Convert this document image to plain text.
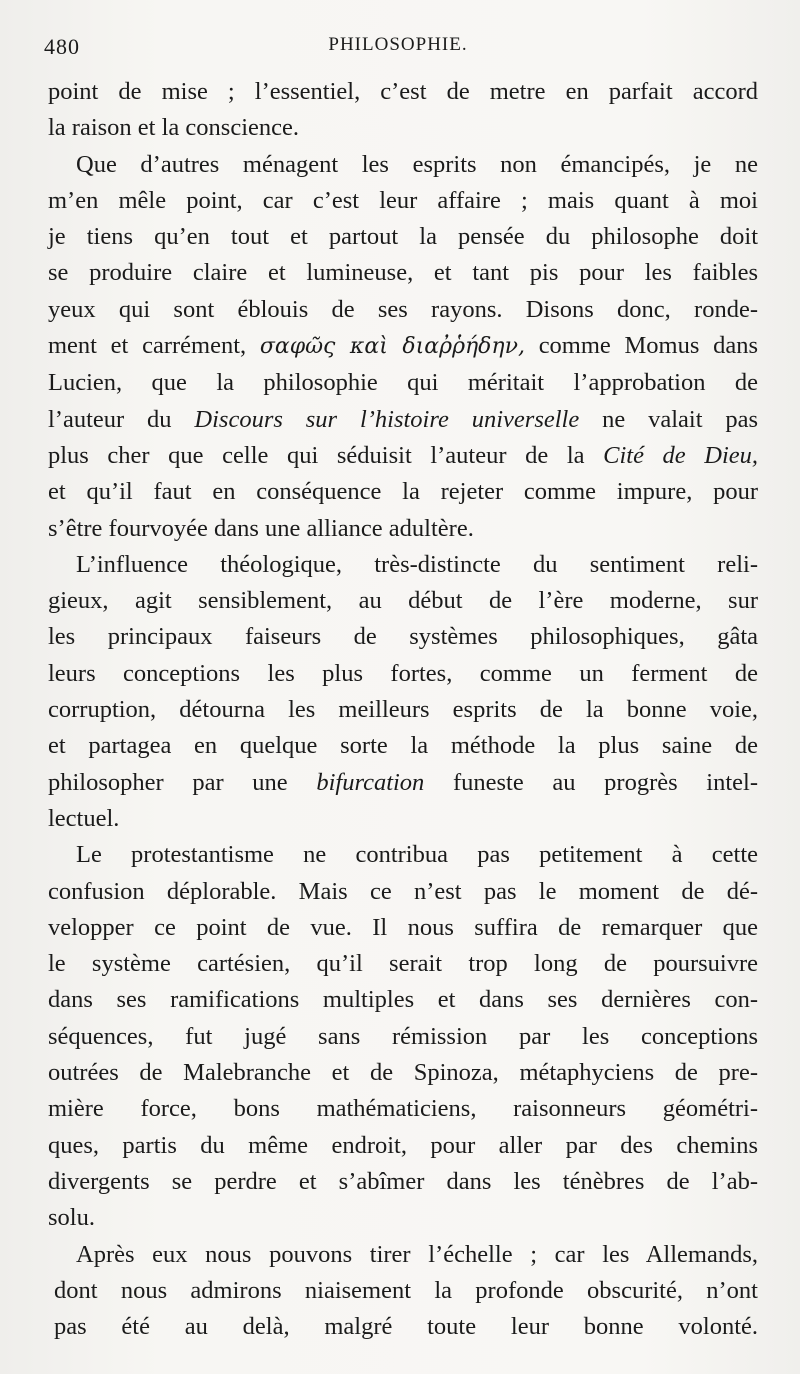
480	PHILOSOPHIE.
point de mise ; l’essentiel, c’est de metre en parfait accord
la raison et la conscience.
Que d’autres ménagent les esprits non émancipés, je ne
m’en mêle point, car c’est leur affaire ; mais quant à moi
je tiens qu’en tout et partout la pensée du philosophe doit
se produire claire et lumineuse, et tant pis pour les faibles
yeux qui sont éblouis de ses rayons. Disons donc, ronde-
ment et carrément, σαφῶς καὶ διαῤῥήδην, comme Momus dans
Lucien, que la philosophie qui méritait l’approbation de
l’auteur du Discours sur l’histoire universelle ne valait pas
plus cher que celle qui séduisit l’auteur de la Cité de Dieu,
et qu’il faut en conséquence la rejeter comme impure, pour
s’être fourvoyée dans une alliance adultère.
L’influence théologique, très-distincte du sentiment reli-
gieux, agit sensiblement, au début de l’ère moderne, sur
les principaux faiseurs de systèmes philosophiques, gâta
leurs conceptions les plus fortes, comme un ferment de
corruption, détourna les meilleurs esprits de la bonne voie,
et partagea en quelque sorte la méthode la plus saine de
philosopher par une bifurcation funeste au progrès intel-
lectuel.
Le protestantisme ne contribua pas petitement à cette
confusion déplorable. Mais ce n’est pas le moment de dé-
velopper ce point de vue. Il nous suffira de remarquer que
le système cartésien, qu’il serait trop long de poursuivre
dans ses ramifications multiples et dans ses dernières con-
séquences, fut jugé sans rémission par les conceptions
outrées de Malebranche et de Spinoza, métaphyciens de pre-
mière force, bons mathématiciens, raisonneurs géométri-
ques, partis du même endroit, pour aller par des chemins
divergents se perdre et s’abîmer dans les ténèbres de l’ab-
solu.
Après eux nous pouvons tirer l’échelle ; car les Allemands,
dont nous admirons niaisement la profonde obscurité, n’ont
pas été au delà, malgré toute leur bonne volonté.
